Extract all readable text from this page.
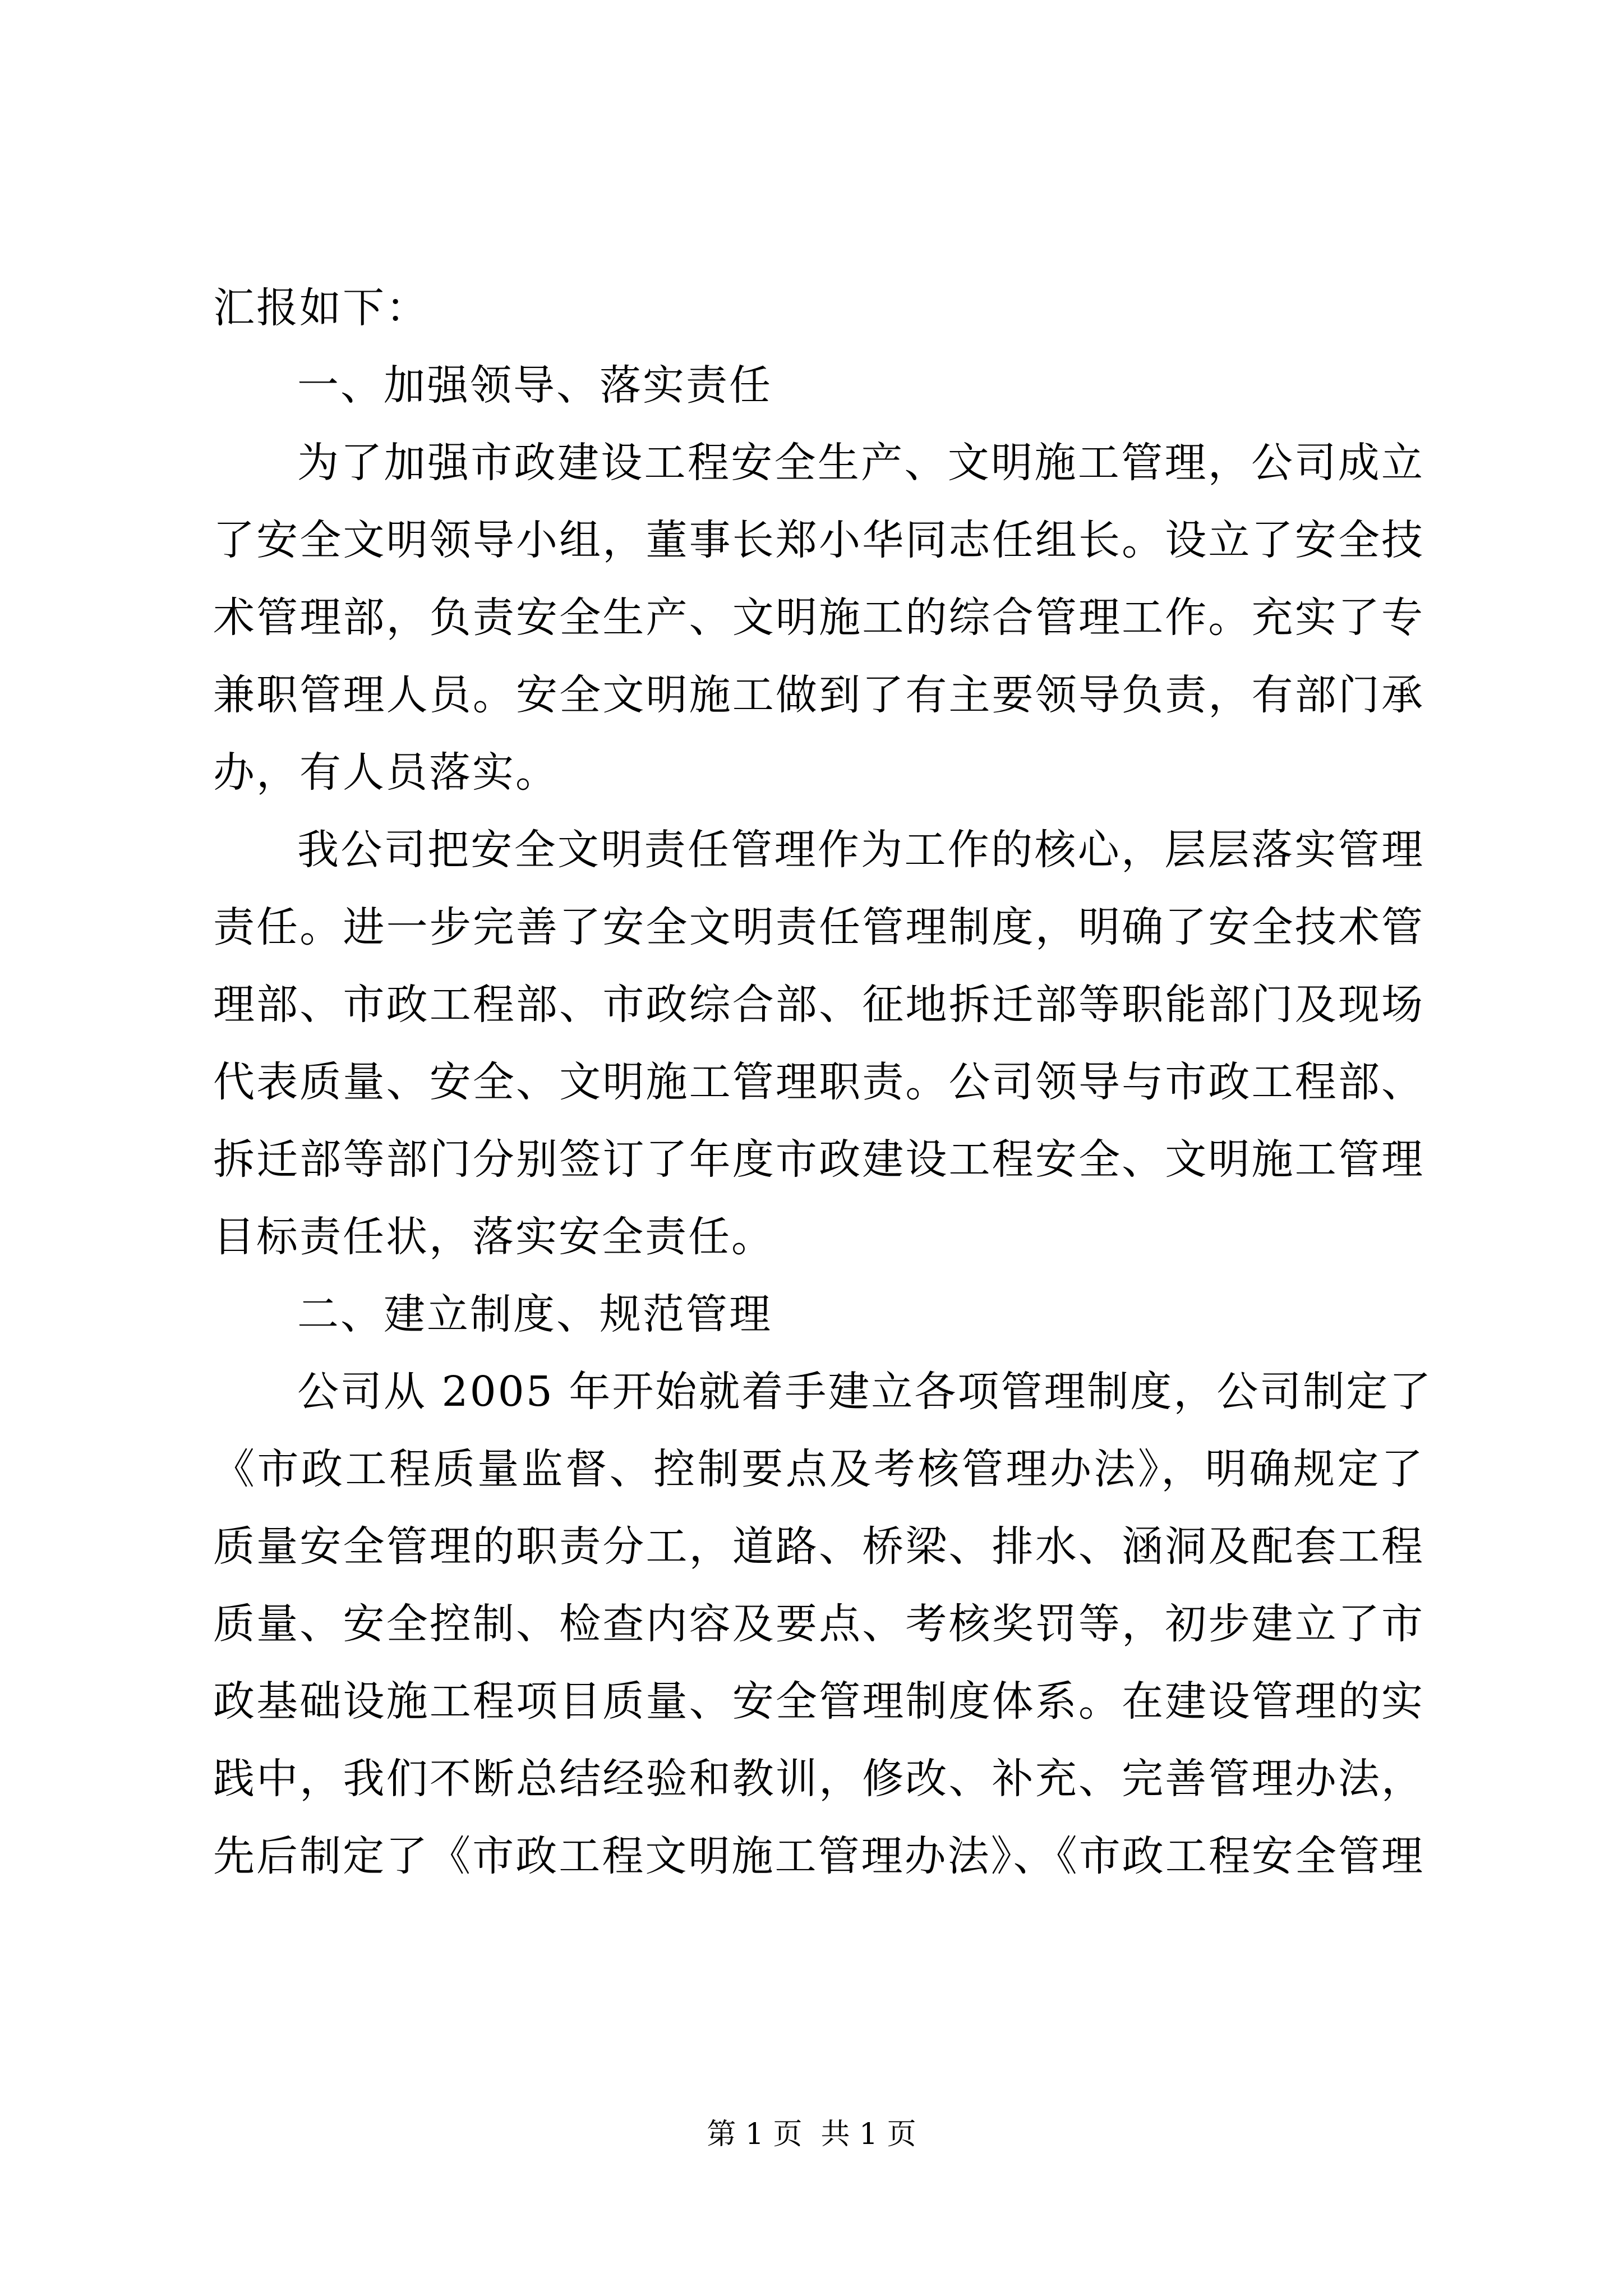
汇报如下：
一、加强领导、落实责任
为了加强市政建设工程安全生产、文明施工管理，公司成立
了安全文明领导小组，董事长郑小华同志任组长。设立了安全技
术管理部，负责安全生产、文明施工的综合管理工作。充实了专
兼职管理人员。安全文明施工做到了有主要领导负责，有部门承
办，有人员落实。
我公司把安全文明责任管理作为工作的核心，层层落实管理
责任。进一步完善了安全文明责任管理制度，明确了安全技术管
理部、市政工程部、市政综合部、征地拆迁部等职能部门及现场
代表质量、安全、文明施工管理职责。公司领导与市政工程部、
拆迁部等部门分别签订了年度市政建设工程安全、文明施工管理
目标责任状，落实安全责任。
二、建立制度、规范管理
公司从 2005 年开始就着手建立各项管理制度，公司制定了
《市政工程质量监督、控制要点及考核管理办法》，明确规定了
质量安全管理的职责分工，道路、桥梁、排水、涵洞及配套工程
质量、安全控制、检查内容及要点、考核奖罚等，初步建立了市
政基础设施工程项目质量、安全管理制度体系。在建设管理的实
践中，我们不断总结经验和教训，修改、补充、完善管理办法，
先后制定了《市政工程文明施工管理办法》、《市政工程安全管理
第 1 页  共 1 页
